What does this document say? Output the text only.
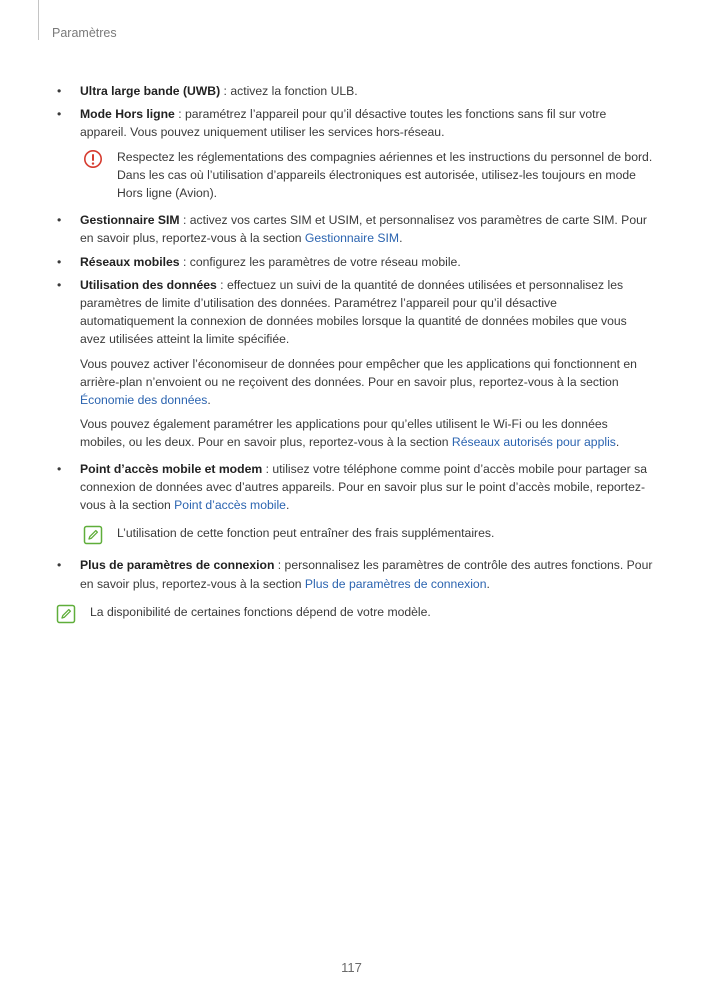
Paramètres
• Ultra large bande (UWB) : activez la fonction ULB.
• Mode Hors ligne : paramétrez l’appareil pour qu’il désactive toutes les fonctions sans fil sur votre appareil. Vous pouvez uniquement utiliser les services hors-réseau.
Respectez les réglementations des compagnies aériennes et les instructions du personnel de bord. Dans les cas où l’utilisation d’appareils électroniques est autorisée, utilisez-les toujours en mode Hors ligne (Avion).
• Gestionnaire SIM : activez vos cartes SIM et USIM, et personnalisez vos paramètres de carte SIM. Pour en savoir plus, reportez-vous à la section Gestionnaire SIM.
• Réseaux mobiles : configurez les paramètres de votre réseau mobile.
• Utilisation des données : effectuez un suivi de la quantité de données utilisées et personnalisez les paramètres de limite d’utilisation des données. Paramétrez l’appareil pour qu’il désactive automatiquement la connexion de données mobiles lorsque la quantité de données mobiles que vous avez utilisées atteint la limite spécifiée.
Vous pouvez activer l’économiseur de données pour empêcher que les applications qui fonctionnent en arrière-plan n’envoient ou ne reçoivent des données. Pour en savoir plus, reportez-vous à la section Économie des données.
Vous pouvez également paramétrer les applications pour qu’elles utilisent le Wi-Fi ou les données mobiles, ou les deux. Pour en savoir plus, reportez-vous à la section Réseaux autorisés pour applis.
• Point d’accès mobile et modem : utilisez votre téléphone comme point d’accès mobile pour partager sa connexion de données avec d’autres appareils. Pour en savoir plus sur le point d’accès mobile, reportez-vous à la section Point d’accès mobile.
L’utilisation de cette fonction peut entraîner des frais supplémentaires.
• Plus de paramètres de connexion : personnalisez les paramètres de contrôle des autres fonctions. Pour en savoir plus, reportez-vous à la section Plus de paramètres de connexion.
La disponibilité de certaines fonctions dépend de votre modèle.
117
